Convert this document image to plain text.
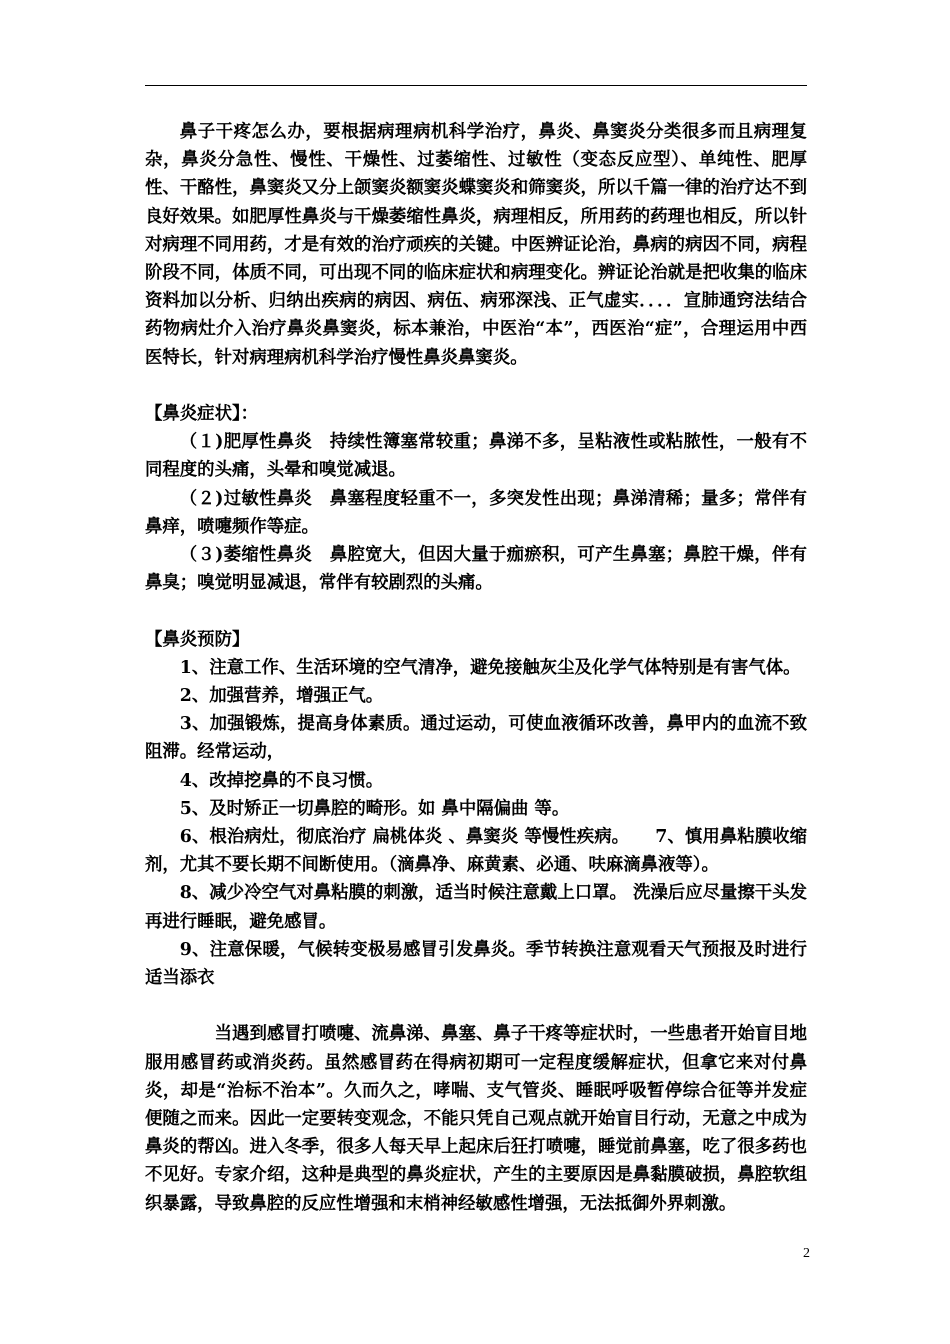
鼻子干疼怎么办，要根据病理病机科学治疗，鼻炎、鼻窦炎分类很多而且病理复杂，鼻炎分急性、慢性、干燥性、过萎缩性、过敏性（变态反应型）、单纯性、肥厚性、干酪性，鼻窦炎又分上颌窦炎额窦炎蝶窦炎和筛窦炎，所以千篇一律的治疗达不到良好效果。如肥厚性鼻炎与干燥萎缩性鼻炎，病理相反，所用药的药理也相反，所以针对病理不同用药，才是有效的治疗顽疾的关键。中医辨证论治，鼻病的病因不同，病程阶段不同，体质不同，可出现不同的临床症状和病理变化。辨证论治就是把收集的临床资料加以分析、归纳出疾病的病因、病伍、病邪深浅、正气虚实．．．．宣肺通窍法结合药物病灶介入治疗鼻炎鼻窦炎，标本兼治，中医治“本”，西医治“症”，合理运用中西医特长，针对病理病机科学治疗慢性鼻炎鼻窦炎。

【鼻炎症状】：

（１)肥厚性鼻炎　持续性簿塞常较重；鼻涕不多，呈粘液性或粘脓性，一般有不同程度的头痛，头晕和嗅觉减退。

（２)过敏性鼻炎　鼻塞程度轻重不一，多突发性出现；鼻涕清稀；量多；常伴有鼻痒，喷嚏频作等症。

（３)萎缩性鼻炎　鼻腔宽大，但因大量于痂瘀积，可产生鼻塞；鼻腔干燥，伴有鼻臭；嗅觉明显减退，常伴有较剧烈的头痛。

【鼻炎预防】

1、注意工作、生活环境的空气清净，避免接触灰尘及化学气体特别是有害气体。

2、加强营养，增强正气。

3、加强锻炼，提高身体素质。通过运动，可使血液循环改善，鼻甲内的血流不致阻滞。经常运动，

4、改掉挖鼻的不良习惯。

5、及时矫正一切鼻腔的畸形。如 鼻中隔偏曲 等。

6、根治病灶，彻底治疗 扁桃体炎 、鼻窦炎 等慢性疾病。　　7、慎用鼻粘膜收缩剂，尤其不要长期不间断使用。（滴鼻净、麻黄素、必通、呋麻滴鼻液等）。

8、减少冷空气对鼻粘膜的刺激，适当时候注意戴上口罩。 洗澡后应尽量擦干头发再进行睡眠，避免感冒。

9、注意保暖，气候转变极易感冒引发鼻炎。季节转换注意观看天气预报及时进行适当添衣

当遇到感冒打喷嚏、流鼻涕、鼻塞、鼻子干疼等症状时，一些患者开始盲目地服用感冒药或消炎药。虽然感冒药在得病初期可一定程度缓解症状，但拿它来对付鼻炎，却是“治标不治本”。久而久之，哮喘、支气管炎、睡眠呼吸暂停综合征等并发症便随之而来。因此一定要转变观念，不能只凭自己观点就开始盲目行动，无意之中成为鼻炎的帮凶。进入冬季，很多人每天早上起床后狂打喷嚏，睡觉前鼻塞，吃了很多药也不见好。专家介绍，这种是典型的鼻炎症状，产生的主要原因是鼻黏膜破损，鼻腔软组织暴露，导致鼻腔的反应性增强和末梢神经敏感性增强，无法抵御外界刺激。

2
